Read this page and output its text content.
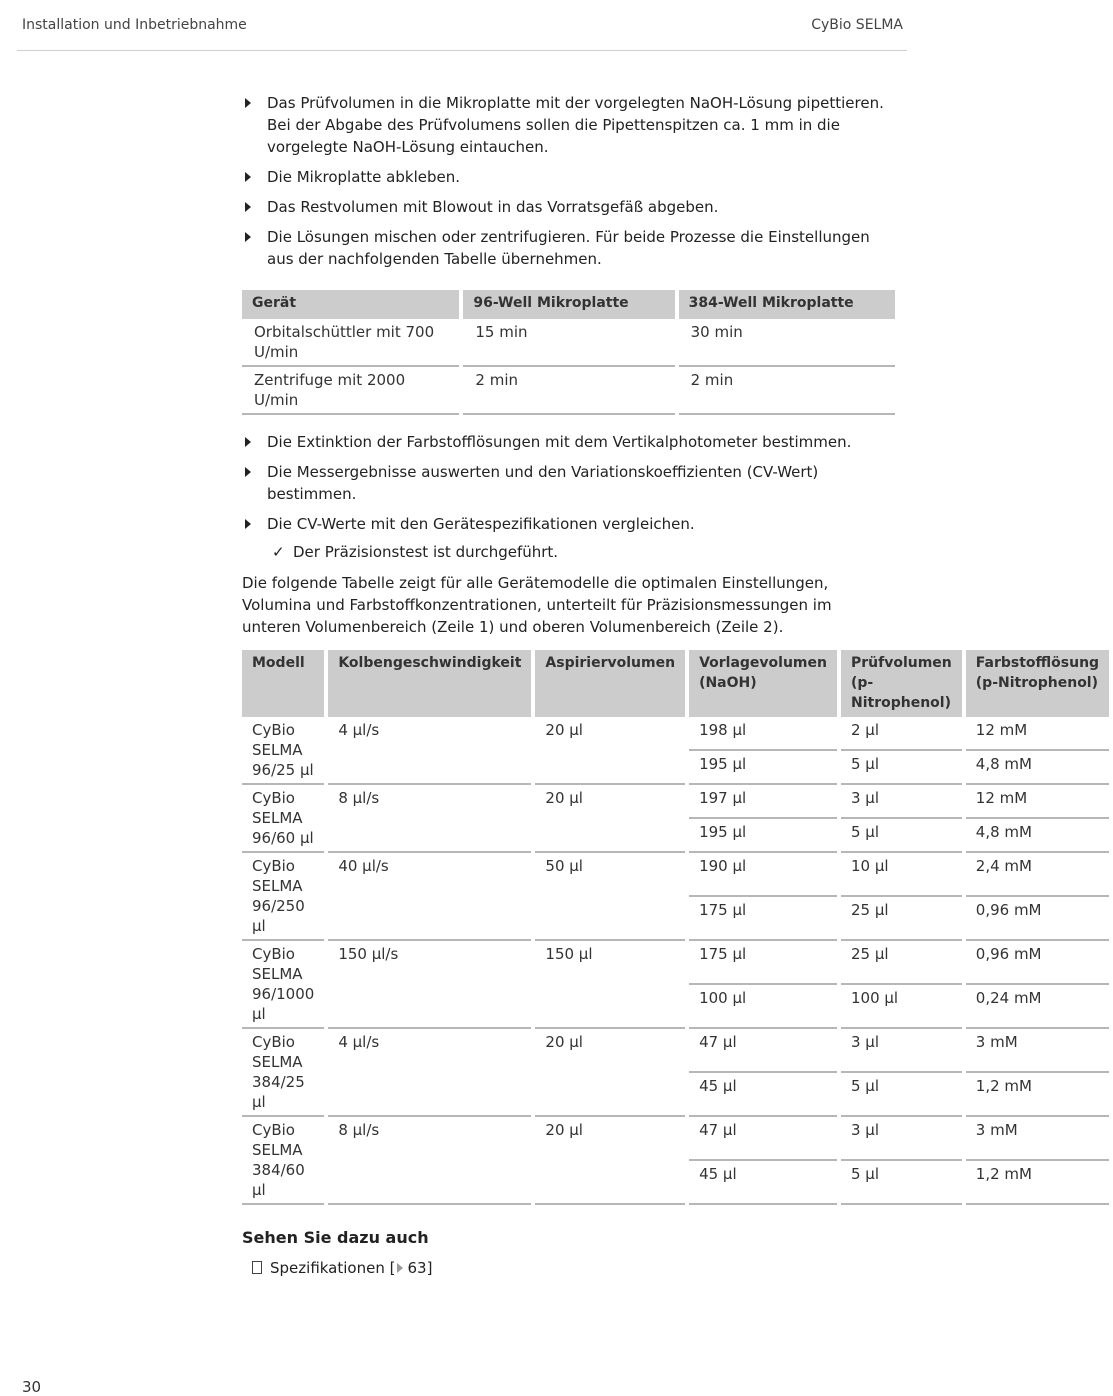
Installation und Inbetriebnahme	CyBio SELMA
Das Prüfvolumen in die Mikroplatte mit der vorgelegten NaOH-Lösung pipettieren. Bei der Abgabe des Prüfvolumens sollen die Pipettenspitzen ca. 1 mm in die vorgelegte NaOH-Lösung eintauchen.
Die Mikroplatte abkleben.
Das Restvolumen mit Blowout in das Vorratsgefäß abgeben.
Die Lösungen mischen oder zentrifugieren. Für beide Prozesse die Einstellungen aus der nachfolgenden Tabelle übernehmen.
Gerät	96-Well Mikroplatte	384-Well Mikroplatte
Orbitalschüttler mit 700 U/min	15 min	30 min
Zentrifuge mit 2000 U/min	2 min	2 min
Die Extinktion der Farbstofflösungen mit dem Vertikalphotometer bestimmen.
Die Messergebnisse auswerten und den Variationskoeffizienten (CV-Wert) bestimmen.
Die CV-Werte mit den Gerätespezifikationen vergleichen.
✓ Der Präzisionstest ist durchgeführt.

Die folgende Tabelle zeigt für alle Gerätemodelle die optimalen Einstellungen, Volumina und Farbstoffkonzentrationen, unterteilt für Präzisionsmessungen im unteren Volumenbereich (Zeile 1) und oberen Volumenbereich (Zeile 2).

Modell	Kolbengeschwindigkeit	Aspiriervolumen	Vorlagevolumen (NaOH)	Prüfvolumen (p-Nitrophenol)	Farbstofflösung (p-Nitrophenol)
CyBio SELMA 96/25 µl	4 µl/s	20 µl	198 µl	2 µl	12 mM
			195 µl	5 µl	4,8 mM
CyBio SELMA 96/60 µl	8 µl/s	20 µl	197 µl	3 µl	12 mM
			195 µl	5 µl	4,8 mM
CyBio SELMA 96/250 µl	40 µl/s	50 µl	190 µl	10 µl	2,4 mM
			175 µl	25 µl	0,96 mM
CyBio SELMA 96/1000 µl	150 µl/s	150 µl	175 µl	25 µl	0,96 mM
			100 µl	100 µl	0,24 mM
CyBio SELMA 384/25 µl	4 µl/s	20 µl	47 µl	3 µl	3 mM
			45 µl	5 µl	1,2 mM
CyBio SELMA 384/60 µl	8 µl/s	20 µl	47 µl	3 µl	3 mM
			45 µl	5 µl	1,2 mM
Sehen Sie dazu auch
Spezifikationen [ 63]
30
